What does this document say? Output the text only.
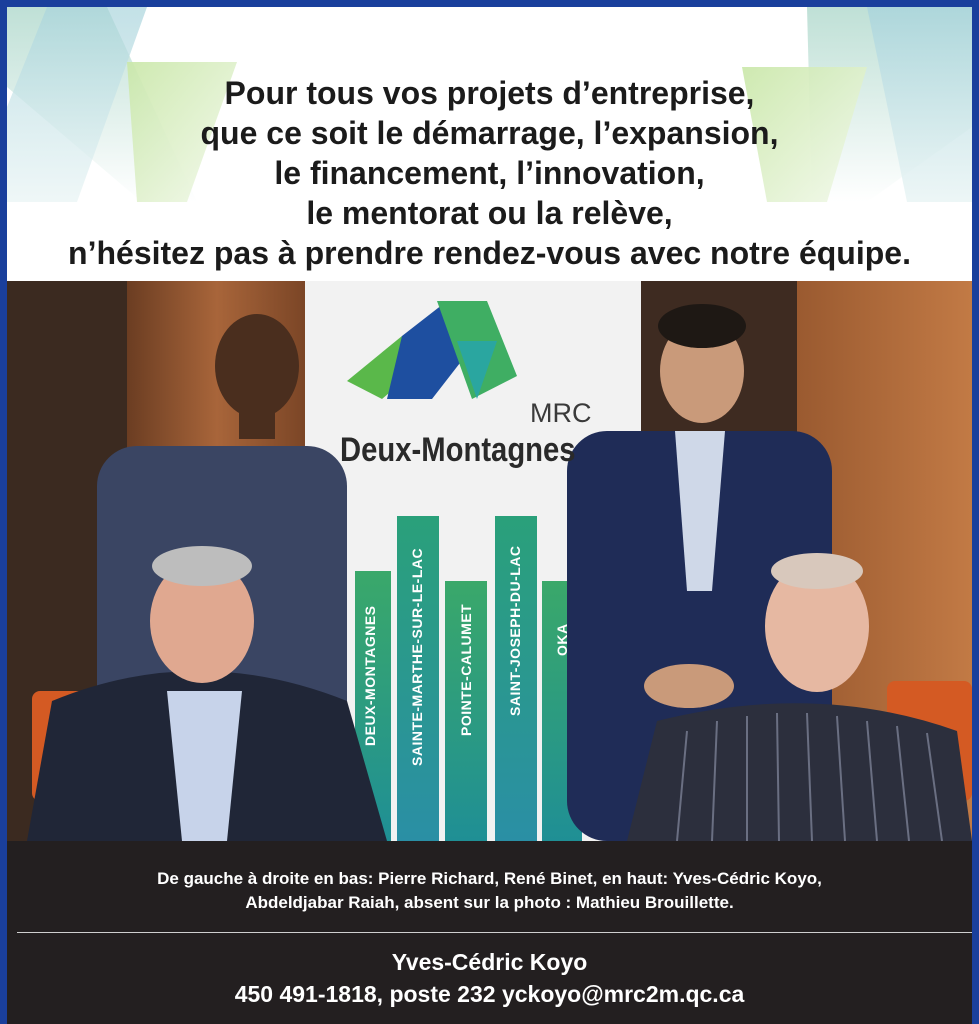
Pour tous vos projets d’entreprise,
que ce soit le démarrage, l’expansion,
le financement, l’innovation,
le mentorat ou la relève,
n’hésitez pas à prendre rendez-vous avec notre équipe.
MRC
Deux-Montagnes
DEUX-MONTAGNES SAINTE-MARTHE-SUR-LE-LAC POINTE-CALUMET SAINT-JOSEPH-DU-LAC OKA
De gauche à droite en bas: Pierre Richard, René Binet, en haut: Yves-Cédric Koyo,
Abdeldjabar Raiah, absent sur la photo : Mathieu Brouillette.
Yves-Cédric Koyo
450 491-1818, poste 232 yckoyo@mrc2m.qc.ca
